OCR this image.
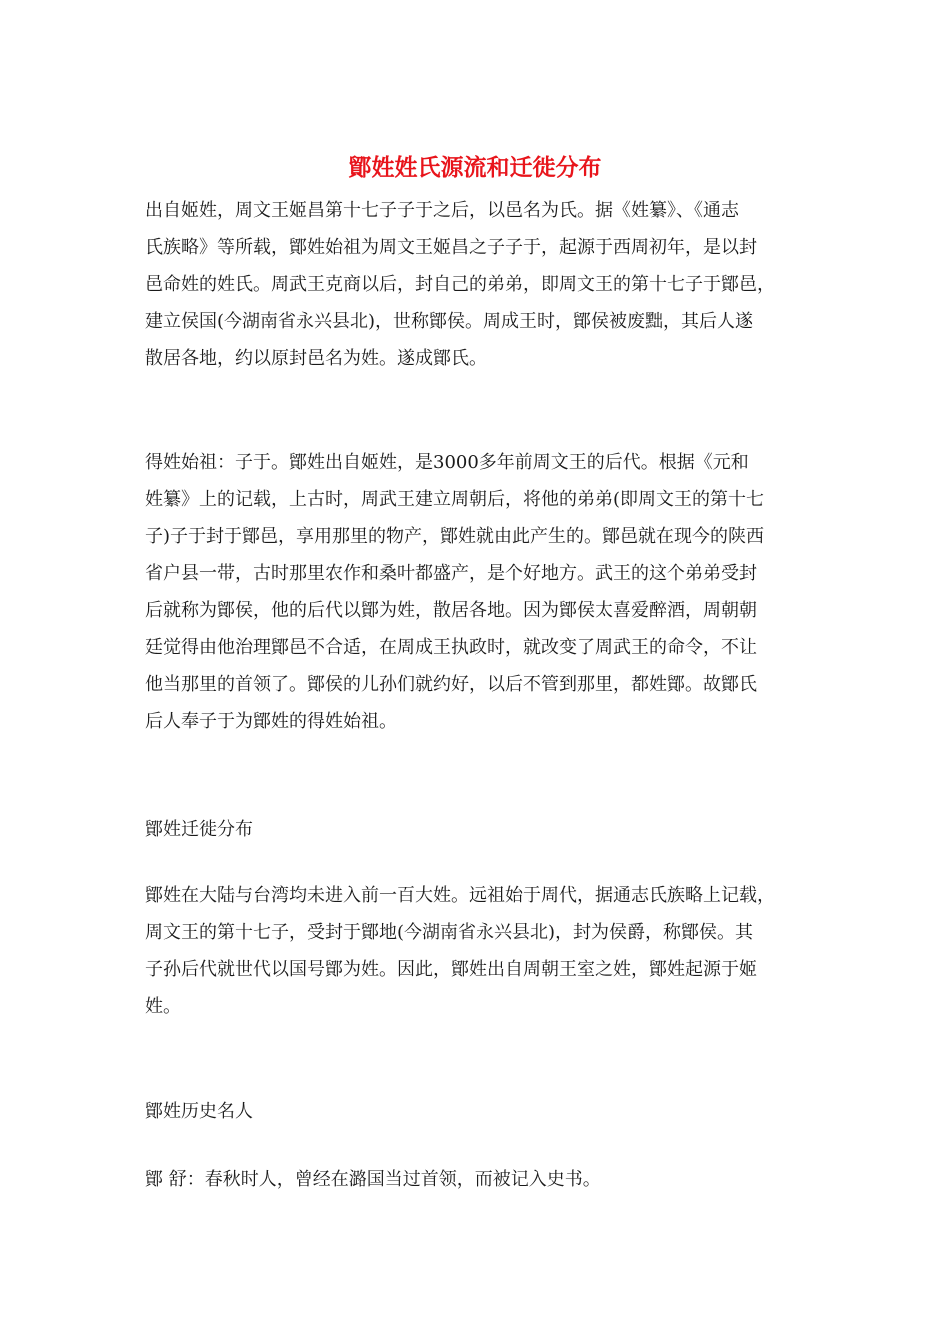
鄮姓姓氏源流和迁徙分布
出自姬姓，周文王姬昌第十七子子于之后，以邑名为氏。据《姓纂》、《通志
氏族略》等所载，鄮姓始祖为周文王姬昌之子子于，起源于西周初年，是以封
邑命姓的姓氏。周武王克商以后，封自己的弟弟，即周文王的第十七子于鄮邑，
建立侯国(今湖南省永兴县北)，世称鄮侯。周成王时，鄮侯被废黜，其后人遂
散居各地，约以原封邑名为姓。遂成鄮氏。
得姓始祖：子于。鄮姓出自姬姓，是3000多年前周文王的后代。根据《元和
姓纂》上的记载，上古时，周武王建立周朝后，将他的弟弟(即周文王的第十七
子)子于封于鄮邑，享用那里的物产，鄮姓就由此产生的。鄮邑就在现今的陕西
省户县一带，古时那里农作和桑叶都盛产，是个好地方。武王的这个弟弟受封
后就称为鄮侯，他的后代以鄮为姓，散居各地。因为鄮侯太喜爱醉酒，周朝朝
廷觉得由他治理鄮邑不合适，在周成王执政时，就改变了周武王的命令，不让
他当那里的首领了。鄮侯的儿孙们就约好，以后不管到那里，都姓鄮。故鄮氏
后人奉子于为鄮姓的得姓始祖。
鄮姓迁徙分布
鄮姓在大陆与台湾均未进入前一百大姓。远祖始于周代，据通志氏族略上记载，
周文王的第十七子，受封于鄮地(今湖南省永兴县北)，封为侯爵，称鄮侯。其
子孙后代就世代以国号鄮为姓。因此，鄮姓出自周朝王室之姓，鄮姓起源于姬
姓。
鄮姓历史名人
鄮 舒：春秋时人，曾经在潞国当过首领，而被记入史书。
